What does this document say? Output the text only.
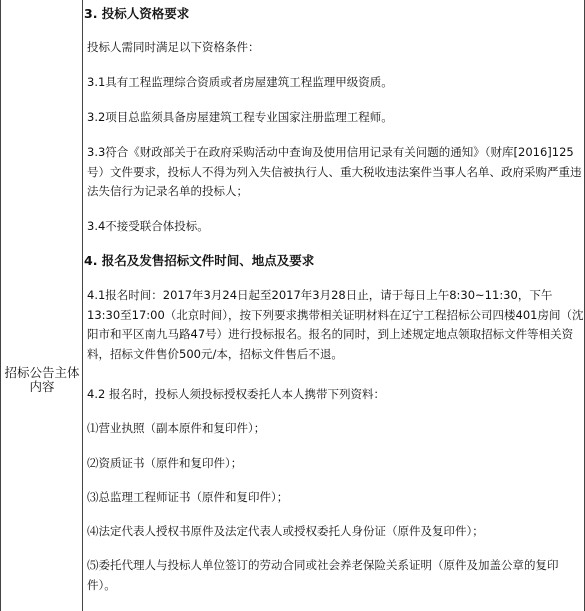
招标公告主体内容
3. 投标人资格要求
投标人需同时满足以下资格条件：
3.1具有工程监理综合资质或者房屋建筑工程监理甲级资质。
3.2项目总监须具备房屋建筑工程专业国家注册监理工程师。
3.3符合《财政部关于在政府采购活动中查询及使用信用记录有关问题的通知》（财库[2016]125号）文件要求，投标人不得为列入失信被执行人、重大税收违法案件当事人名单、政府采购严重违法失信行为记录名单的投标人；
3.4不接受联合体投标。
4. 报名及发售招标文件时间、地点及要求
4.1报名时间：2017年3月24日起至2017年3月28日止，请于每日上午8:30~11:30，下午13:30至17:00（北京时间），按下列要求携带相关证明材料在辽宁工程招标公司四楼401房间（沈阳市和平区南九马路47号）进行投标报名。报名的同时，到上述规定地点领取招标文件等相关资料，招标文件售价500元/本，招标文件售后不退。
4.2 报名时，投标人须投标授权委托人本人携带下列资料：
⑴营业执照（副本原件和复印件）；
⑵资质证书（原件和复印件）；
⑶总监理工程师证书（原件和复印件）；
⑷法定代表人授权书原件及法定代表人或授权委托人身份证（原件及复印件）；
⑸委托代理人与投标人单位签订的劳动合同或社会养老保险关系证明（原件及加盖公章的复印件）。
